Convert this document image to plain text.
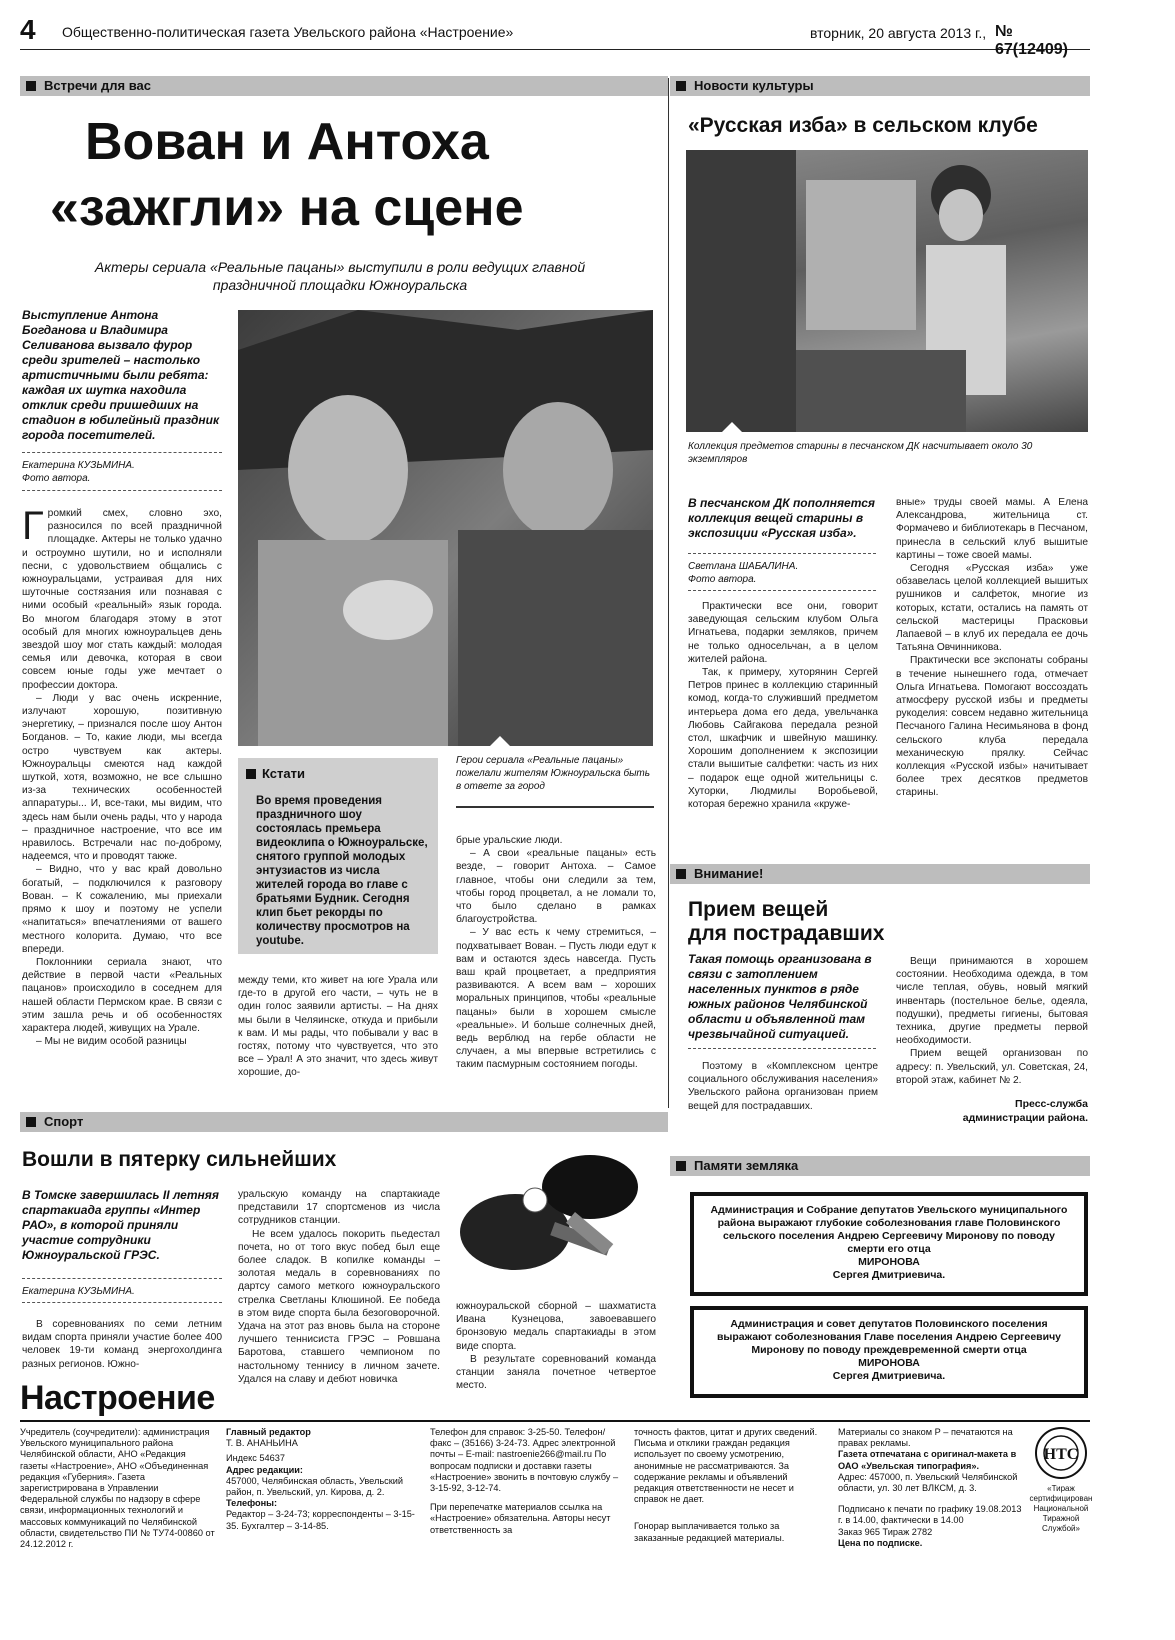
4 Общественно-политическая газета Увельского района «Настроение»	вторник, 20 августа 2013 г., № 67(12409)
Встречи для вас
Вован и Антоха
«зажгли» на сцене
Актеры сериала «Реальные пацаны» выступили в роли ведущих главной праздничной площадки Южноуральска
Выступление Антона Богданова и Владимира Селиванова вызвало фурор среди зрителей – настолько артистичными были ребята: каждая их шутка находила отклик среди пришедших на стадион в юбилейный праздник города посетителей.
Екатерина КУЗЬМИНА.
Фото автора.
Герои сериала «Реальные пацаны» пожелали жителям Южноуральска быть в ответе за город

Громкий смех, словно эхо, разносился по всей праздничной площадке. Актеры не только удачно и остроумно шутили, но и исполняли песни, с удовольствием общались с южноуральцами, устраивая для них шуточные состязания или познавая с ними особый «реальный» язык города. Во многом благодаря этому в этот особый для многих южноуральцев день звездой шоу мог стать каждый: молодая семья или девочка, которая в свои совсем юные годы уже мечтает о профессии доктора.

– Люди у вас очень искренние, излучают хорошую, позитивную энергетику, – признался после шоу Антон Богданов. – То, какие люди, мы всегда остро чувствуем как актеры. Южноуральцы смеются над каждой шуткой, хотя, возможно, не все слышно из-за технических особенностей аппаратуры... И, все-таки, мы видим, что здесь нам были очень рады, что у народа – праздничное настроение, что все им нравилось. Встречали нас по-доброму, надеемся, что и проводят также.

– Видно, что у вас край довольно богатый, – подключился к разговору Вован. – К сожалению, мы приехали прямо к шоу и поэтому не успели «напитаться» впечатлениями от вашего местного колорита. Думаю, что все впереди.

Поклонники сериала знают, что действие в первой части «Реальных пацанов» происходило в соседнем для нашей области Пермском крае. В связи с этим зашла речь и об особенностях характера людей, живущих на Урале.

– Мы не видим особой разницы

Кстати
Во время проведения праздничного шоу состоялась премьера видеоклипа о Южноуральске, снятого группой молодых энтузиастов из числа жителей города во главе с братьями Будник. Сегодня клип бьет рекорды по количеству просмотров на youtube.

между теми, кто живет на юге Урала или где-то в другой его части, – чуть не в один голос заявили артисты. – На днях мы были в Челяинске, откуда и прибыли к вам. И мы рады, что побывали у вас в гостях, потому что чувствуется, что это все – Урал! А это значит, что здесь живут хорошие, до-

брые уральские люди.

– А свои «реальные пацаны» есть везде, – говорит Антоха. – Самое главное, чтобы они следили за тем, чтобы город процветал, а не ломали то, что было сделано в рамках благоустройства.

– У вас есть к чему стремиться, – подхватывает Вован. – Пусть люди едут к вам и остаются здесь навсегда. Пусть ваш край процветает, а предприятия развиваются. А всем вам – хороших моральных принципов, чтобы «реальные пацаны» были в хорошем смысле «реальные». И больше солнечных дней, ведь верблюд на гербе области не случаен, а мы впервые встретились с таким пасмурным состоянием погоды.

Новости культуры
«Русская изба» в сельском клубе
Коллекция предметов старины в песчанском ДК насчитывает около 30 экземпляров
В песчанском ДК пополняется коллекция вещей старины в экспозиции «Русская изба».
Светлана ШАБАЛИНА.
Фото автора.

Практически все они, говорит заведующая сельским клубом Ольга Игнатьева, подарки земляков, причем не только односельчан, а в целом жителей района.

Так, к примеру, хуторянин Сергей Петров принес в коллекцию старинный комод, когда-то служивший предметом интерьера дома его деда, увельчанка Любовь Сайгакова передала резной стол, шкафчик и швейную машинку. Хорошим дополнением к экспозиции стали вышитые салфетки: часть из них – подарок еще одной жительницы с. Хуторки, Людмилы Воробьевой, которая бережно хранила «круже-

вные» труды своей мамы. А Елена Александрова, жительница ст. Формачево и библиотекарь в Песчаном, принесла в сельский клуб вышитые картины – тоже своей мамы.

Сегодня «Русская изба» уже обзавелась целой коллекцией вышитых рушников и салфеток, многие из которых, кстати, остались на память от сельской мастерицы Прасковьи Лапаевой – в клуб их передала ее дочь Татьяна Овчинникова.

Практически все экспонаты собраны в течение нынешнего года, отмечает Ольга Игнатьева. Помогают воссоздать атмосферу русской избы и предметы рукоделия: совсем недавно жительница Песчаного Галина Несимьянова в фонд сельского клуба передала механическую прялку. Сейчас коллекция «Русской избы» начитывает более трех десятков предметов старины.

Внимание!
Прием вещей
для пострадавших
Такая помощь организована в связи с затоплением населенных пунктов в ряде южных районов Челябинской области и объявленной там чрезвычайной ситуацией.

Поэтому в «Комплексном центре социального обслуживания населения» Увельского района организован прием вещей для пострадавших.

Вещи принимаются в хорошем состоянии. Необходима одежда, в том числе теплая, обувь, новый мягкий инвентарь (постельное белье, одеяла, подушки), предметы гигиены, бытовая техника, другие предметы первой необходимости.

Прием вещей организован по адресу: п. Увельский, ул. Советская, 24, второй этаж, кабинет № 2.

Пресс-служба
администрации района.
Спорт
Вошли в пятерку сильнейших
В Томске завершилась II летняя спартакиада группы «Интер РАО», в которой приняли участие сотрудники Южноуральской ГРЭС.
Екатерина КУЗЬМИНА.

В соревнованиях по семи летним видам спорта приняли участие более 400 человек 19-ти команд энергохолдинга разных регионов. Южно-

уральскую команду на спартакиаде представили 17 спортсменов из числа сотрудников станции.

Не всем удалось покорить пьедестал почета, но от того вкус побед был еще более сладок. В копилке команды – золотая медаль в соревнованиях по дартсу самого меткого южноуральского стрелка Светланы Клюшиной. Ее победа в этом виде спорта была безоговорочной. Удача на этот раз вновь была на стороне лучшего теннисиста ГРЭС – Ровшана Баротова, ставшего чемпионом по настольному теннису в личном зачете. Удался на славу и дебют новичка

южноуральской сборной – шахматиста Ивана Кузнецова, завоевавшего бронзовую медаль спартакиады в этом виде спорта.

В результате соревнований команда станции заняла почетное четвертое место.

Памяти земляка
Администрация и Собрание депутатов Увельского муниципального района выражают глубокие соболезнования главе Половинского сельского поселения Андрею Сергеевичу Миронову по поводу смерти его отца
МИРОНОВА
Сергея Дмитриевича.
Администрация и совет депутатов Половинского поселения выражают соболезнования Главе поселения Андрею Сергеевичу Миронову по поводу преждевременной смерти отца
МИРОНОВА
Сергея Дмитриевича.
Настроение
Учредитель (соучредители): администрация Увельского муниципального района Челябинской области, АНО «Редакция газеты «Настроение», АНО «Объединенная редакция «Губерния». Газета зарегистрирована в Управлении Федеральной службы по надзору в сфере связи, информационных технологий и массовых коммуникаций по Челябинской области, свидетельство ПИ № ТУ74-00860 от 24.12.2012 г.
Главный редактор
Т. В. АНАНЬИНА
Индекс 54637
Адрес редакции:
457000, Челябинская область, Увельский район, п. Увельский, ул. Кирова, д. 2.
Телефоны:
Редактор – 3-24-73; корреспонденты – 3-15-35. Бухгалтер – 3-14-85.
Телефон для справок: 3-25-50. Телефон/факс – (35166) 3-24-73. Адрес электронной почты – E-mail: nastroenie266@mail.ru По вопросам подписки и доставки газеты «Настроение» звонить в почтовую службу – 3-15-92, 3-12-74.
При перепечатке материалов ссылка на «Настроение» обязательна. Авторы несут ответственность за
точность фактов, цитат и других сведений. Письма и отклики граждан редакция использует по своему усмотрению, анонимные не рассматриваются. За содержание рекламы и объявлений редакция ответственности не несет и справок не дает.
Гонорар выплачивается только за заказанные редакцией материалы.
Материалы со знаком Р – печатаются на правах рекламы.
Газета отпечатана с оригинал-макета в ОАО «Увельская типография».
Адрес: 457000, п. Увельский Челябинской области, ул. 30 лет ВЛКСМ, д. 3.
Подписано к печати по графику 19.08.2013 г. в 14.00, фактически в 14.00
Заказ 965 Тираж 2782
Цена по подписке.
НТС
«Тираж сертифицирован Национальной Тиражной Службой»
